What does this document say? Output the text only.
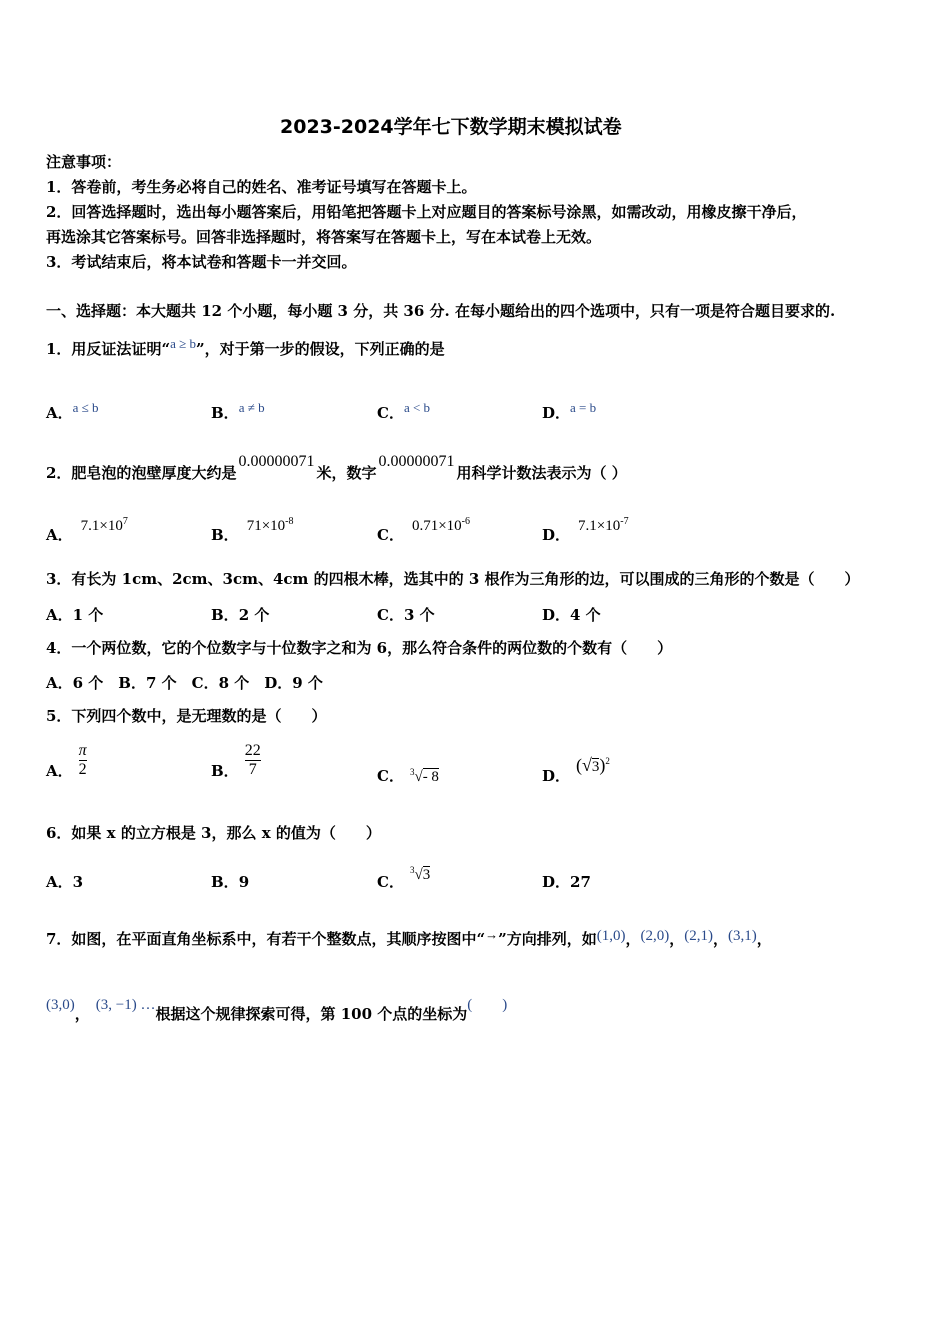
2023-2024学年七下数学期末模拟试卷
注意事项：
1．答卷前，考生务必将自己的姓名、准考证号填写在答题卡上。
2．回答选择题时，选出每小题答案后，用铅笔把答题卡上对应题目的答案标号涂黑，如需改动，用橡皮擦干净后，
再选涂其它答案标号。回答非选择题时，将答案写在答题卡上，写在本试卷上无效。
3．考试结束后，将本试卷和答题卡一并交回。
一、选择题：本大题共 12 个小题，每小题 3 分，共 36 分. 在每小题给出的四个选项中，只有一项是符合题目要求的.
1．用反证法证明“a ≥ b”，对于第一步的假设，下列正确的是
A．a ≤ b	B．a ≠ b	C．a < b	D．a = b
2．肥皂泡的泡壁厚度大约是0.00000071米，数字0.00000071用科学计数法表示为（ ）
A． $7.1\times 10^7$
B． $71\times 10^{-8}$
C． $0.71\times 10^{-6}$
D． $7.1\times 10^{-7}$
3．有长为 1cm、2cm、3cm、4cm 的四根木棒，选其中的 3 根作为三角形的边，可以围成的三角形的个数是（　　）
A．1 个	B．2 个	C．3 个	D．4 个
4．一个两位数，它的个位数字与十位数字之和为 6，那么符合条件的两位数的个数有（　　）
A．6 个　B．7 个　C．8 个　D．9 个
5．下列四个数中，是无理数的是（　　）
A． $\frac{\pi}{2}$	B． $\frac{22}{7}$	C． $^3$√- 8	D．$(√3)^2$
6．如果 x 的立方根是 3，那么 x 的值为（　　）
A．3	B．9	C．$^3$√3	D．27
7．如图，在平面直角坐标系中，有若干个整数点，其顺序按图中“→”方向排列，如(1,0)，(2,0)，(2,1)，(3,1)，
(3,0)， (3, −1) …根据这个规律探索可得，第 100 个点的坐标为(　　)
